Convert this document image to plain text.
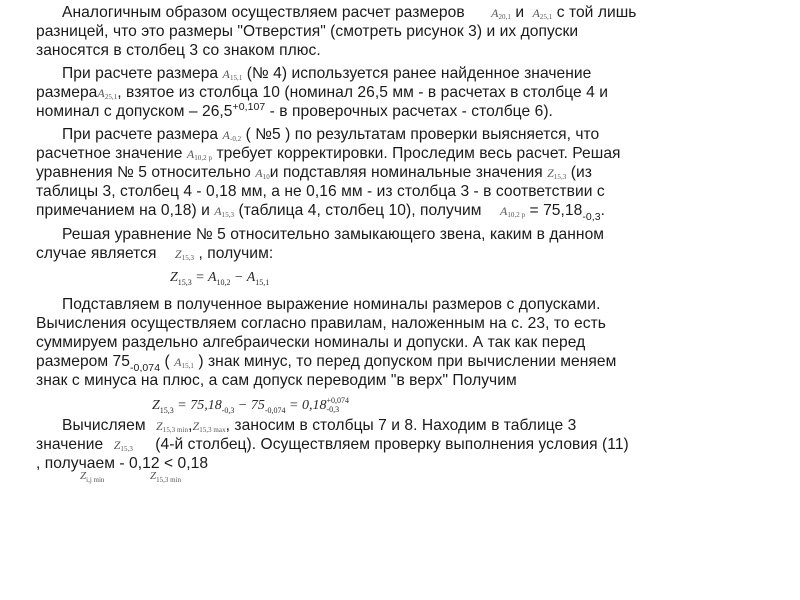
Аналогичным образом осуществляем расчет размеров $A_{20,1}$ и $A_{25,1}$ с той лишь
разницей, что это размеры "Отверстия" (смотреть рисунок 3) и их допуски
заносятся в столбец 3 со знаком плюс.
При расчете размера $A_{15,1}$ (№ 4) используется ранее найденное значение
размераA$_{25,1}$, взятое из столбца 10 (номинал 26,5 мм - в расчетах в столбце 4 и
номинал с допуском – $26,5^{+0,107}$ - в проверочных расчетах - столбце 6).
При расчете размера $A_{-0,2}$ ( №5 ) по результатам проверки выясняется, что
расчетное значение $A_{10,2 р}$ требует корректировки. Проследим весь расчет. Решая
уравнения № 5 относительно $A_{10}и$ подставляя номинальные значения $Z_{15,3}$ (из
таблицы 3, столбец 4 - 0,18 мм, а не 0,16 мм - из столбца 3 - в соответствии с
примечанием на 0,18) и $A_{15,3}$ (таблица 4, столбец 10), получим $A_{10,2 р} = 75,18_{-0,3}$.
Решая уравнение № 5 относительно замыкающего звена, каким в данном
случае является $Z_{15,3}$ , получим:
$Z_{15,3} = A_{10,2} - A_{15,1}$
Подставляем в полученное выражение номиналы размеров с допусками.
Вычисления осуществляем согласно правилам, наложенным на с. 23, то есть
суммируем раздельно алгебраически номиналы и допуски. А так как перед
размером $75_{-0,074}$ ( $A_{15,1}$ ) знак минус, то перед допуском при вычислении меняем
знак с минуса на плюс, а сам допуск переводим "в верх" Получим
$Z_{15,3} = 75,18_{-0,3} - 75_{-0,074} = 0,18 +0,074$
-0,3
Вычисляем $Z_{15,3 min},Z_{15,3 max}$, заносим в столбцы 7 и 8. Находим в таблице 3
значение $Z_{15,3}$ (4-й столбец). Осуществляем проверку выполнения условия (11)
, получаем - 0,12 < 0,18
$Z_{i,j min}$	$Z_{15,3 min}$
